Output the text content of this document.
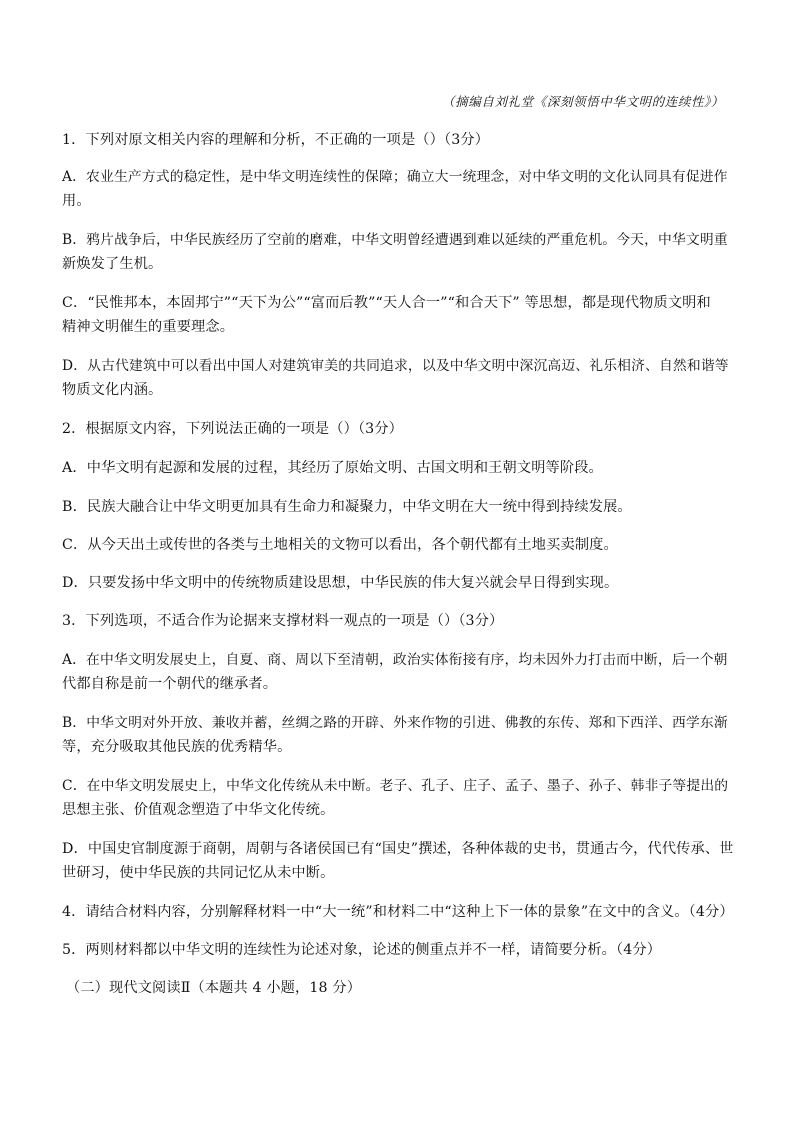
（摘编自刘礼堂《深刻领悟中华文明的连续性》）
1．下列对原文相关内容的理解和分析，不正确的一项是（）（3分）
A．农业生产方式的稳定性，是中华文明连续性的保障；确立大一统理念，对中华文明的文化认同具有促进作
用。
B．鸦片战争后，中华民族经历了空前的磨难，中华文明曾经遭遇到难以延续的严重危机。今天，中华文明重
新焕发了生机。
C．“民惟邦本，本固邦宁”“天下为公”“富而后教”“天人合一”“和合天下” 等思想，都是现代物质文明和
精神文明催生的重要理念。
D．从古代建筑中可以看出中国人对建筑审美的共同追求，以及中华文明中深沉高迈、礼乐相济、自然和谐等
物质文化内涵。
2．根据原文内容，下列说法正确的一项是（）（3分）
A．中华文明有起源和发展的过程，其经历了原始文明、古国文明和王朝文明等阶段。
B．民族大融合让中华文明更加具有生命力和凝聚力，中华文明在大一统中得到持续发展。
C．从今天出土或传世的各类与土地相关的文物可以看出，各个朝代都有土地买卖制度。
D．只要发扬中华文明中的传统物质建设思想，中华民族的伟大复兴就会早日得到实现。
3．下列选项，不适合作为论据来支撑材料一观点的一项是（）（3分）
A．在中华文明发展史上，自夏、商、周以下至清朝，政治实体衔接有序，均未因外力打击而中断，后一个朝
代都自称是前一个朝代的继承者。
B．中华文明对外开放、兼收并蓄，丝绸之路的开辟、外来作物的引进、佛教的东传、郑和下西洋、西学东渐
等，充分吸取其他民族的优秀精华。
C．在中华文明发展史上，中华文化传统从未中断。老子、孔子、庄子、孟子、墨子、孙子、韩非子等提出的
思想主张、价值观念塑造了中华文化传统。
D．中国史官制度源于商朝，周朝与各诸侯国已有“国史”撰述，各种体裁的史书，贯通古今，代代传承、世
世研习，使中华民族的共同记忆从未中断。
4．请结合材料内容，分别解释材料一中“大一统”和材料二中“这种上下一体的景象”在文中的含义。（4分）
5．两则材料都以中华文明的连续性为论述对象，论述的侧重点并不一样，请简要分析。（4分）
（二）现代文阅读Ⅱ（本题共 4 小题，18 分）
